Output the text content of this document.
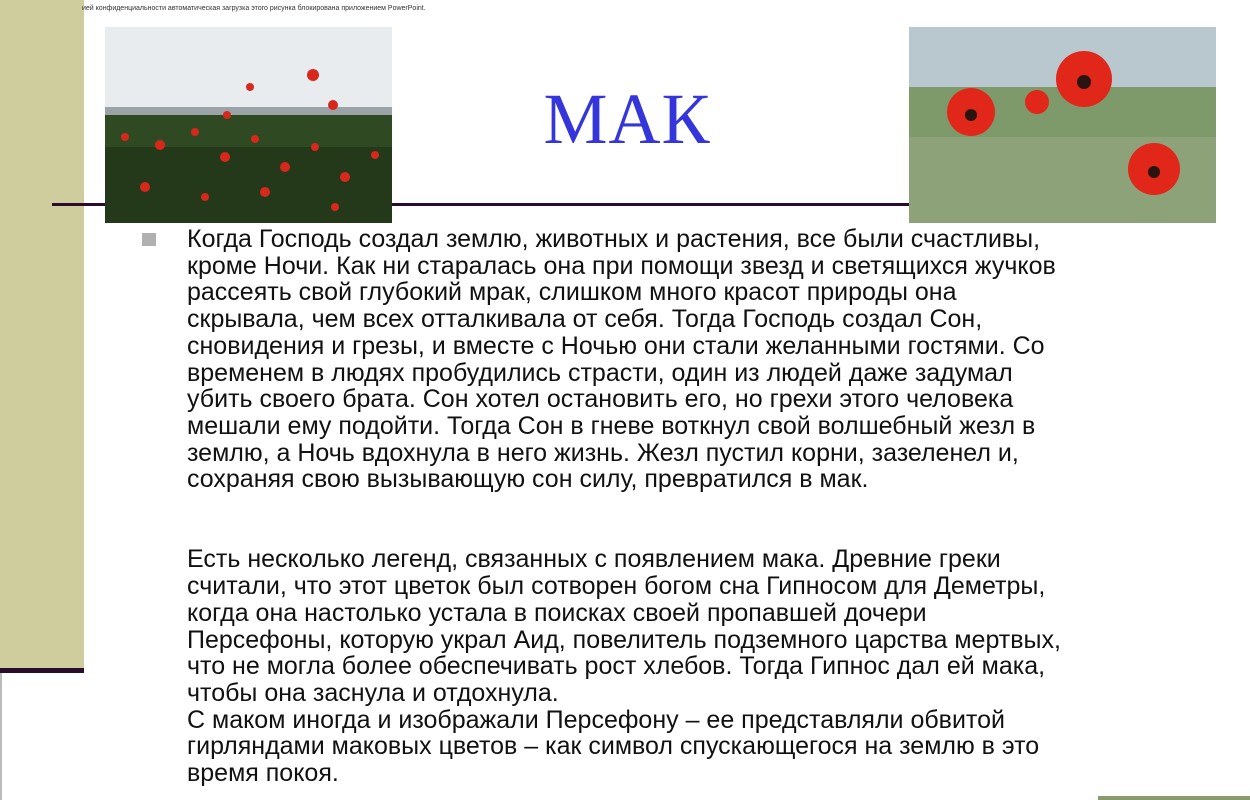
ией конфиденциальности автоматическая загрузка этого рисунка блокирована приложением PowerPoint.
МАК
Когда Господь создал землю, животных и растения, все были счастливы,
кроме Ночи. Как ни старалась она при помощи звезд и светящихся жучков
рассеять свой глубокий мрак, слишком много красот природы она
скрывала, чем всех отталкивала от себя. Тогда Господь создал Сон,
сновидения и грезы, и вместе с Ночью они стали желанными гостями. Со
временем в людях пробудились страсти, один из людей даже задумал
убить своего брата. Сон хотел остановить его, но грехи этого человека
мешали ему подойти. Тогда Сон в гневе воткнул свой волшебный жезл в
землю, а Ночь вдохнула в него жизнь. Жезл пустил корни, зазеленел и,
сохраняя свою вызывающую сон силу, превратился в мак.
Есть несколько легенд, связанных с появлением мака. Древние греки
считали, что этот цветок был сотворен богом сна Гипносом для Деметры,
когда она настолько устала в поисках своей пропавшей дочери
Персефоны, которую украл Аид, повелитель подземного царства мертвых,
что не могла более обеспечивать рост хлебов. Тогда Гипнос дал ей мака,
чтобы она заснула и отдохнула.
С маком иногда и изображали Персефону – ее представляли обвитой
гирляндами маковых цветов – как символ спускающегося на землю в это
время покоя.
